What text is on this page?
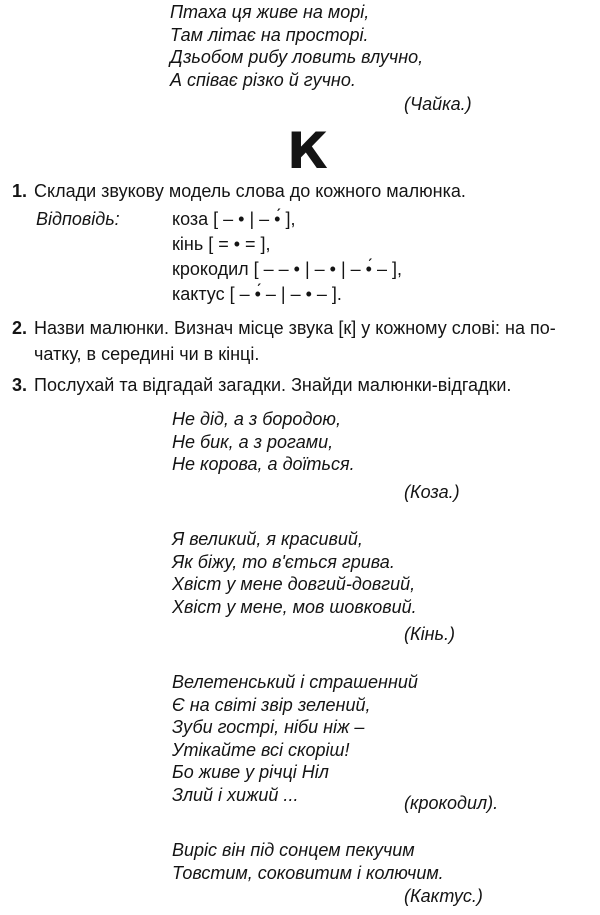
Птаха ця живе на морі,
Там літає на просторі.
Дзьобом рибу ловить влучно,
А співає різко й гучно.
(Чайка.)
К
1. Склади звукову модель слова до кожного малюнка.
Відповідь:	коза [ – • | – •́ ],
кінь [ = • = ],
крокодил [ – – • | – • | – •́ – ],
кактус [ – •́ – | – • – ].
2. Назви малюнки. Визнач місце звука [к] у кожному слові: на по-
чатку, в середині чи в кінці.
3. Послухай та відгадай загадки. Знайди малюнки-відгадки.
Не дід, а з бородою,
Не бик, а з рогами,
Не корова, а доїться.
(Коза.)
Я великий, я красивий,
Як біжу, то в'ється грива.
Хвіст у мене довгий-довгий,
Хвіст у мене, мов шовковий.
(Кінь.)
Велетенський і страшенний
Є на світі звір зелений,
Зуби гострі, ніби ніж –
Утікайте всі скоріш!
Бо живе у річці Ніл
Злий і хижий ...	(крокодил).
Виріс він під сонцем пекучим
Товстим, соковитим і колючим.
(Кактус.)
